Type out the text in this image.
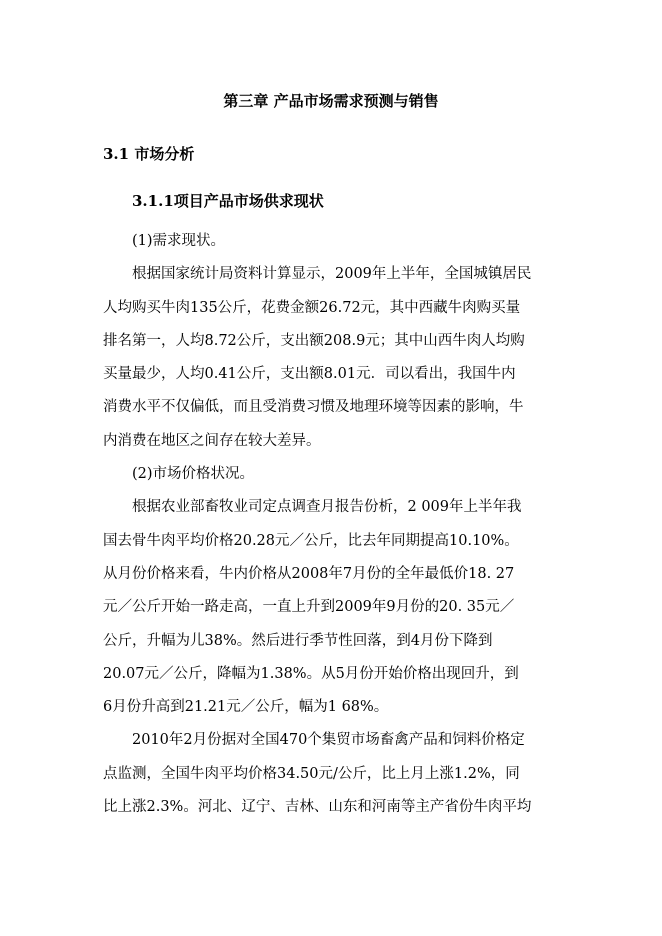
第三章 产品市场需求预测与销售
3.1 市场分析
3.1.1项目产品市场供求现状
(1)需求现状。
根据国家统计局资料计算显示，2009年上半年，全国城镇居民
人均购买牛肉135公斤，花费金额26.72元，其中西藏牛肉购买量
排名第一，人均8.72公斤，支出额208.9元；其中山西牛肉人均购
买量最少，人均0.41公斤，支出额8.01元．司以看出，我国牛内
消费水平不仅偏低，而且受消费习惯及地理环境等因素的影响，牛
内消费在地区之间存在较大差异。
(2)市场价格状况。
根据农业部畜牧业司定点调查月报告份析，2 009年上半年我
国去骨牛肉平均价格20.28元／公斤，比去年同期提高10.10%。
从月份价格来看，牛内价格从2008年7月份的全年最低价18. 27
元／公斤开始一路走高，一直上升到2009年9月份的20. 35元／
公斤，升幅为儿38%。然后进行季节性回落，到4月份下降到
20.07元／公斤，降幅为1.38%。从5月份开始价格出现回升，到
6月份升高到21.21元／公斤，幅为1 68%。
2010年2月份据对全国470个集贸市场畜禽产品和饲料价格定
点监测，全国牛肉平均价格34.50元/公斤，比上月上涨1.2%，同
比上涨2.3%。河北、辽宁、吉林、山东和河南等主产省份牛肉平均
